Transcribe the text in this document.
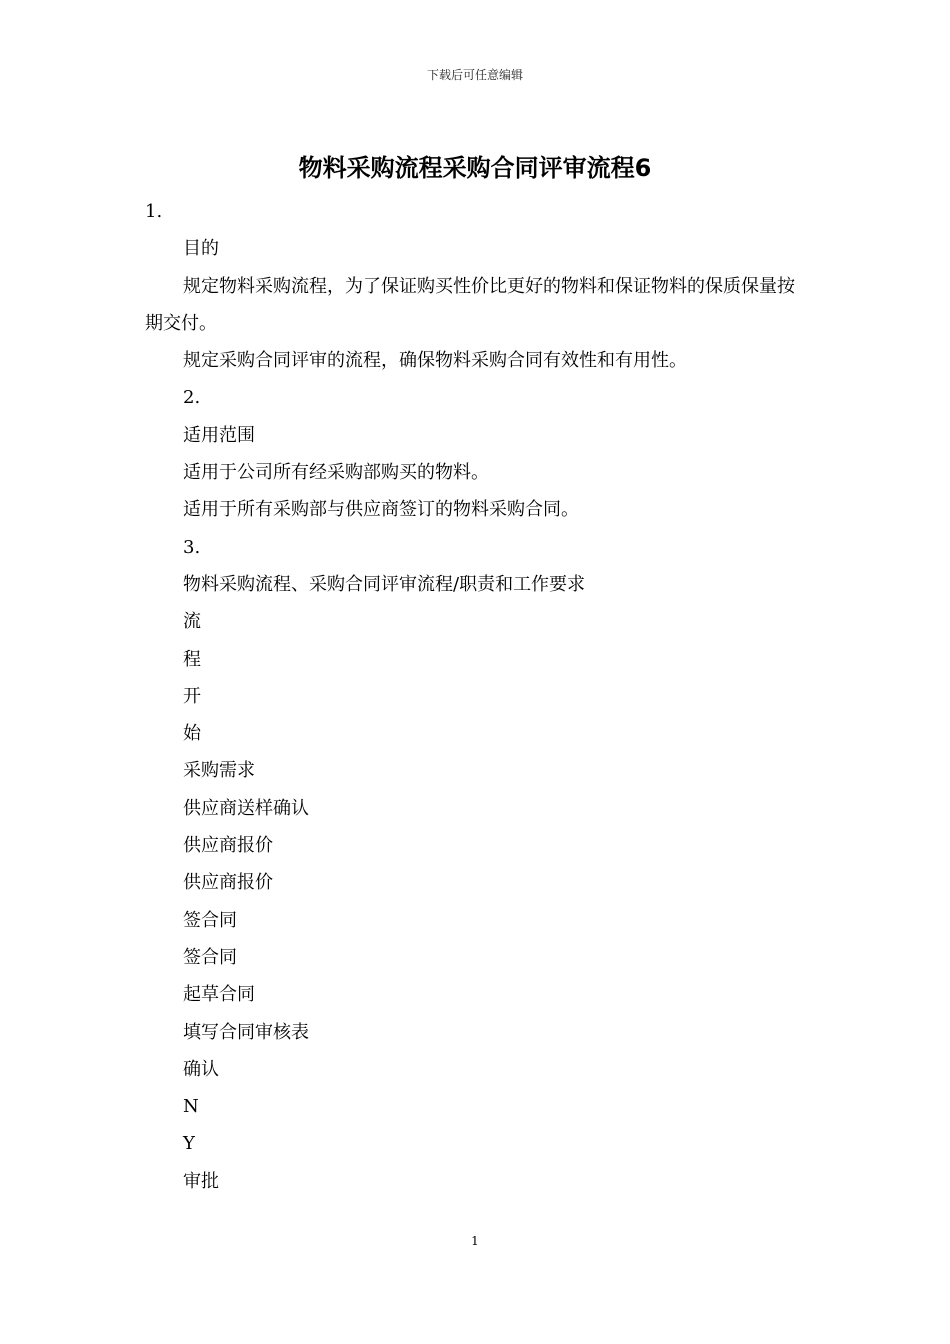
下载后可任意编辑
物料采购流程采购合同评审流程6

1.

目的

规定物料采购流程，为了保证购买性价比更好的物料和保证物料的保质保量按期交付。

规定采购合同评审的流程，确保物料采购合同有效性和有用性。

2.

适用范围

适用于公司所有经采购部购买的物料。

适用于所有采购部与供应商签订的物料采购合同。

3.

物料采购流程、采购合同评审流程/职责和工作要求

流

程

开

始

采购需求

供应商送样确认

供应商报价

供应商报价

签合同

签合同

起草合同

填写合同审核表

确认

N

Y

审批

1
